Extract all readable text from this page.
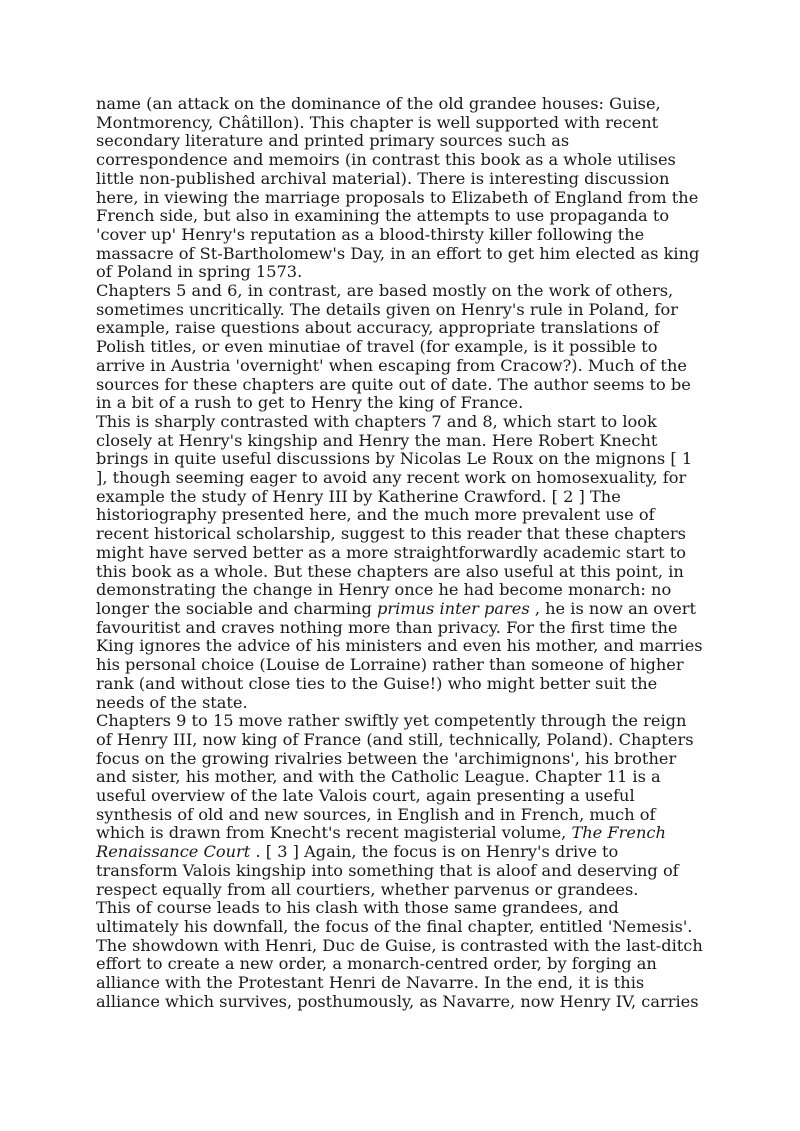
name (an attack on the dominance of the old grandee houses: Guise,
Montmorency, Châtillon). This chapter is well supported with recent
secondary literature and printed primary sources such as
correspondence and memoirs (in contrast this book as a whole utilises
little non-published archival material). There is interesting discussion
here, in viewing the marriage proposals to Elizabeth of England from the
French side, but also in examining the attempts to use propaganda to
'cover up' Henry's reputation as a blood-thirsty killer following the
massacre of St-Bartholomew's Day, in an effort to get him elected as king
of Poland in spring 1573.
Chapters 5 and 6, in contrast, are based mostly on the work of others,
sometimes uncritically. The details given on Henry's rule in Poland, for
example, raise questions about accuracy, appropriate translations of
Polish titles, or even minutiae of travel (for example, is it possible to
arrive in Austria 'overnight' when escaping from Cracow?). Much of the
sources for these chapters are quite out of date. The author seems to be
in a bit of a rush to get to Henry the king of France.
This is sharply contrasted with chapters 7 and 8, which start to look
closely at Henry's kingship and Henry the man. Here Robert Knecht
brings in quite useful discussions by Nicolas Le Roux on the mignons [ 1
], though seeming eager to avoid any recent work on homosexuality, for
example the study of Henry III by Katherine Crawford. [ 2 ] The
historiography presented here, and the much more prevalent use of
recent historical scholarship, suggest to this reader that these chapters
might have served better as a more straightforwardly academic start to
this book as a whole. But these chapters are also useful at this point, in
demonstrating the change in Henry once he had become monarch: no
longer the sociable and charming primus inter pares , he is now an overt
favouritist and craves nothing more than privacy. For the first time the
King ignores the advice of his ministers and even his mother, and marries
his personal choice (Louise de Lorraine) rather than someone of higher
rank (and without close ties to the Guise!) who might better suit the
needs of the state.
Chapters 9 to 15 move rather swiftly yet competently through the reign
of Henry III, now king of France (and still, technically, Poland). Chapters
focus on the growing rivalries between the 'archimignons', his brother
and sister, his mother, and with the Catholic League. Chapter 11 is a
useful overview of the late Valois court, again presenting a useful
synthesis of old and new sources, in English and in French, much of
which is drawn from Knecht's recent magisterial volume, The French
Renaissance Court . [ 3 ] Again, the focus is on Henry's drive to
transform Valois kingship into something that is aloof and deserving of
respect equally from all courtiers, whether parvenus or grandees.
This of course leads to his clash with those same grandees, and
ultimately his downfall, the focus of the final chapter, entitled 'Nemesis'.
The showdown with Henri, Duc de Guise, is contrasted with the last-ditch
effort to create a new order, a monarch-centred order, by forging an
alliance with the Protestant Henri de Navarre. In the end, it is this
alliance which survives, posthumously, as Navarre, now Henry IV, carries
